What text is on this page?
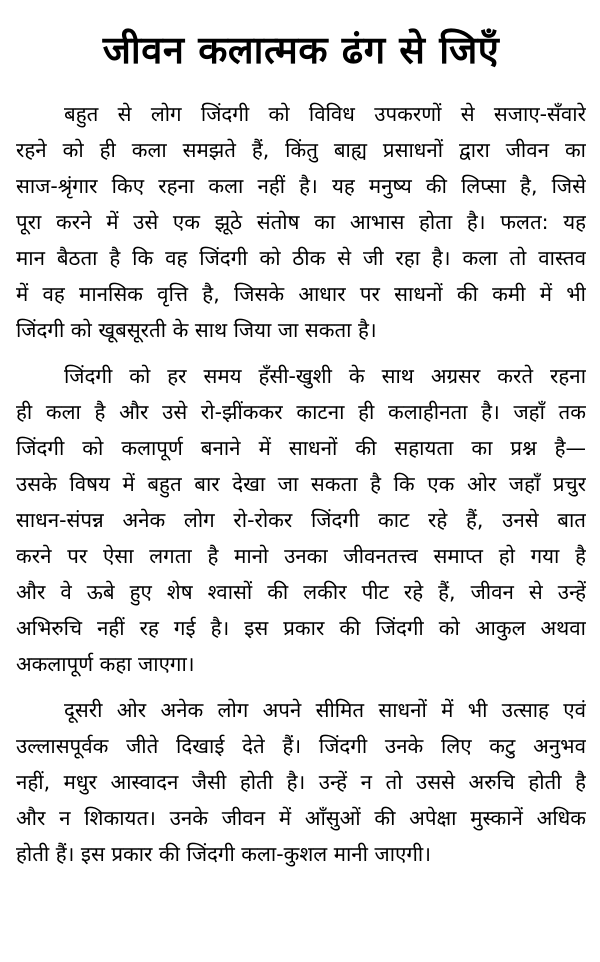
जीवन कलात्मक ढंग से जिएँ
बहुत से लोग जिंदगी को विविध उपकरणों से सजाए-सँवारे
रहने को ही कला समझते हैं, किंतु बाह्य प्रसाधनों द्वारा जीवन का
साज-श्रृंगार किए रहना कला नहीं है। यह मनुष्य की लिप्सा है, जिसे
पूरा करने में उसे एक झूठे संतोष का आभास होता है। फलत: यह
मान बैठता है कि वह जिंदगी को ठीक से जी रहा है। कला तो वास्तव
में वह मानसिक वृत्ति है, जिसके आधार पर साधनों की कमी में भी
जिंदगी को खूबसूरती के साथ जिया जा सकता है।
जिंदगी को हर समय हँसी-खुशी के साथ अग्रसर करते रहना
ही कला है और उसे रो-झींककर काटना ही कलाहीनता है। जहाँ तक
जिंदगी को कलापूर्ण बनाने में साधनों की सहायता का प्रश्न है—
उसके विषय में बहुत बार देखा जा सकता है कि एक ओर जहाँ प्रचुर
साधन-संपन्न अनेक लोग रो-रोकर जिंदगी काट रहे हैं, उनसे बात
करने पर ऐसा लगता है मानो उनका जीवनतत्त्व समाप्त हो गया है
और वे ऊबे हुए शेष श्वासों की लकीर पीट रहे हैं, जीवन से उन्हें
अभिरुचि नहीं रह गई है। इस प्रकार की जिंदगी को आकुल अथवा
अकलापूर्ण कहा जाएगा।
दूसरी ओर अनेक लोग अपने सीमित साधनों में भी उत्साह एवं
उल्लासपूर्वक जीते दिखाई देते हैं। जिंदगी उनके लिए कटु अनुभव
नहीं, मधुर आस्वादन जैसी होती है। उन्हें न तो उससे अरुचि होती है
और न शिकायत। उनके जीवन में आँसुओं की अपेक्षा मुस्कानें अधिक
होती हैं। इस प्रकार की जिंदगी कला-कुशल मानी जाएगी।
